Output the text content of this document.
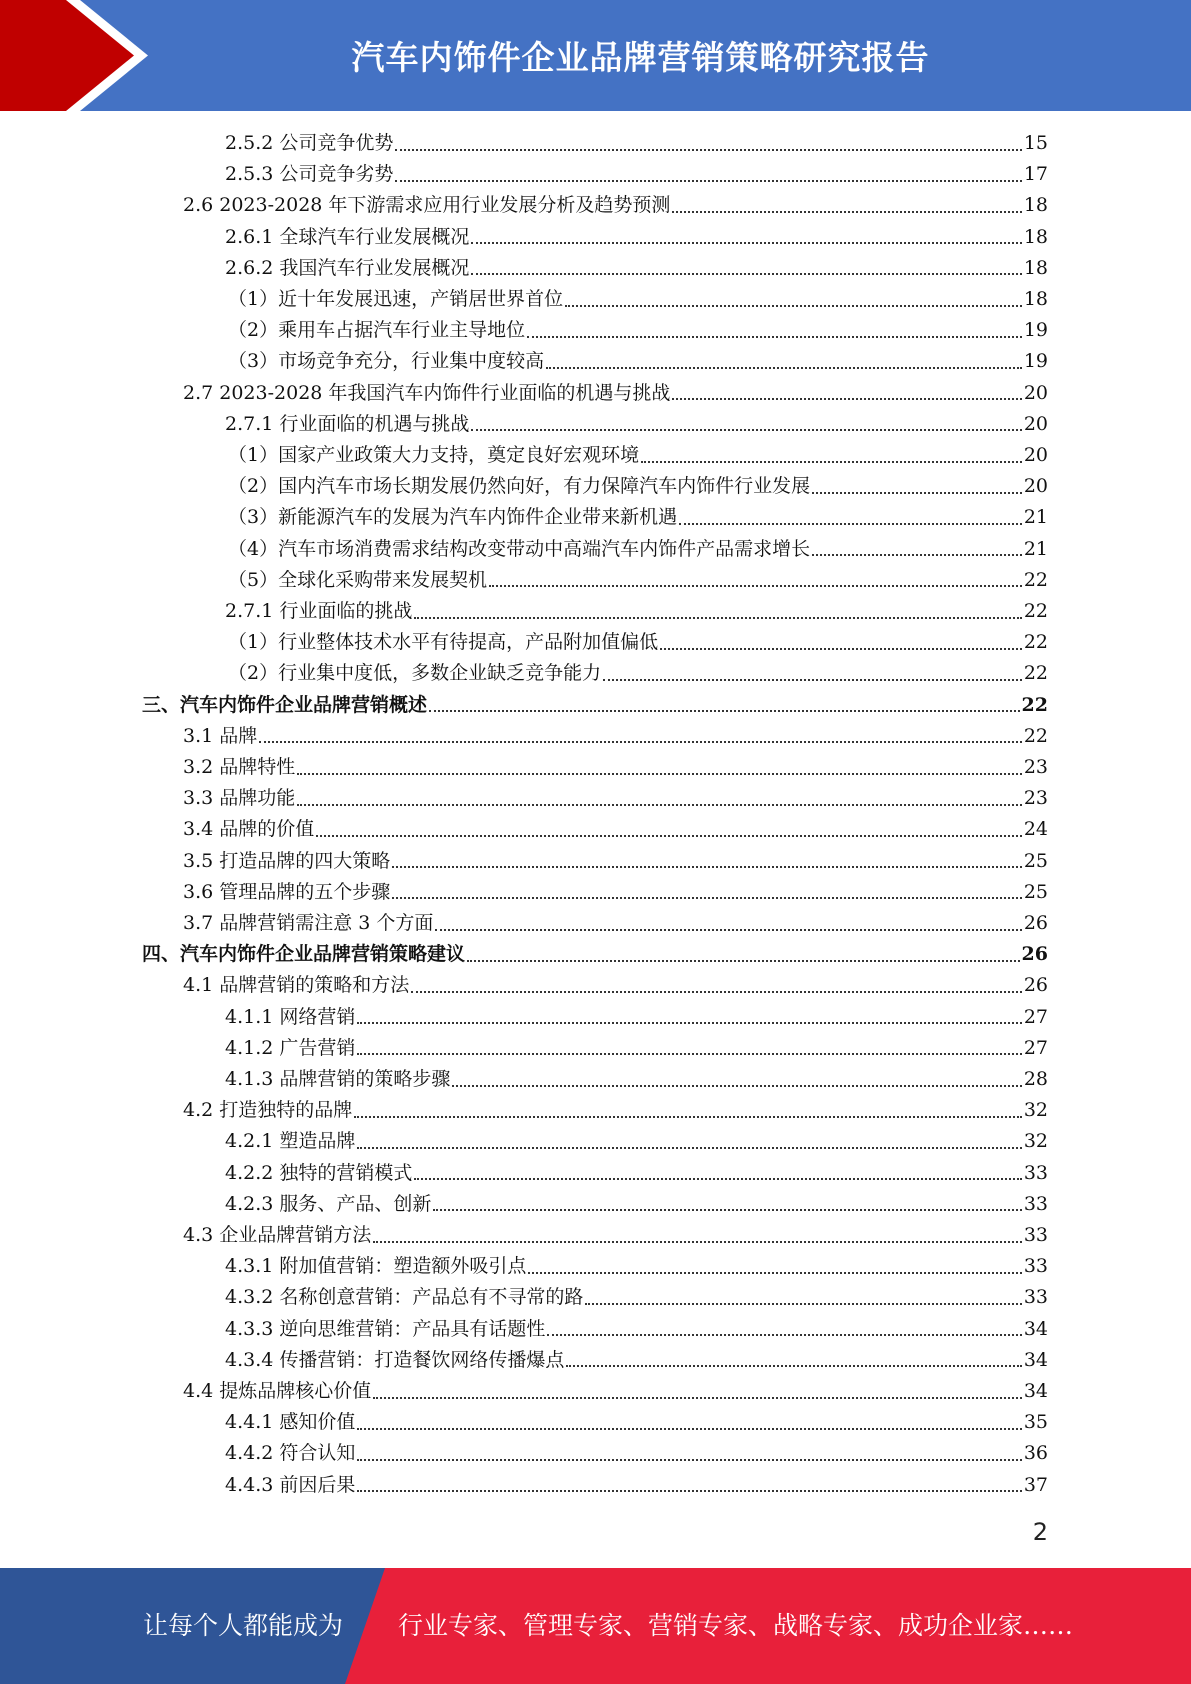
汽车内饰件企业品牌营销策略研究报告
2.5.2 公司竞争优势	15
2.5.3 公司竞争劣势	17
2.6 2023-2028 年下游需求应用行业发展分析及趋势预测	18
2.6.1 全球汽车行业发展概况	18
2.6.2 我国汽车行业发展概况	18
（1）近十年发展迅速，产销居世界首位	18
（2）乘用车占据汽车行业主导地位	19
（3）市场竞争充分，行业集中度较高	19
2.7 2023-2028 年我国汽车内饰件行业面临的机遇与挑战	20
2.7.1 行业面临的机遇与挑战	20
（1）国家产业政策大力支持，奠定良好宏观环境	20
（2）国内汽车市场长期发展仍然向好，有力保障汽车内饰件行业发展	20
（3）新能源汽车的发展为汽车内饰件企业带来新机遇	21
（4）汽车市场消费需求结构改变带动中高端汽车内饰件产品需求增长	21
（5）全球化采购带来发展契机	22
2.7.1 行业面临的挑战	22
（1）行业整体技术水平有待提高，产品附加值偏低	22
（2）行业集中度低，多数企业缺乏竞争能力	22
三、汽车内饰件企业品牌营销概述	22
3.1 品牌	22
3.2 品牌特性	23
3.3 品牌功能	23
3.4 品牌的价值	24
3.5 打造品牌的四大策略	25
3.6 管理品牌的五个步骤	25
3.7 品牌营销需注意 3 个方面	26
四、汽车内饰件企业品牌营销策略建议	26
4.1 品牌营销的策略和方法	26
4.1.1 网络营销	27
4.1.2 广告营销	27
4.1.3 品牌营销的策略步骤	28
4.2 打造独特的品牌	32
4.2.1 塑造品牌	32
4.2.2 独特的营销模式	33
4.2.3 服务、产品、创新	33
4.3 企业品牌营销方法	33
4.3.1 附加值营销：塑造额外吸引点	33
4.3.2 名称创意营销：产品总有不寻常的路	33
4.3.3 逆向思维营销：产品具有话题性	34
4.3.4 传播营销：打造餐饮网络传播爆点	34
4.4 提炼品牌核心价值	34
4.4.1 感知价值	35
4.4.2 符合认知	36
4.4.3 前因后果	37
2
让每个人都能成为 行业专家、管理专家、营销专家、战略专家、成功企业家……
